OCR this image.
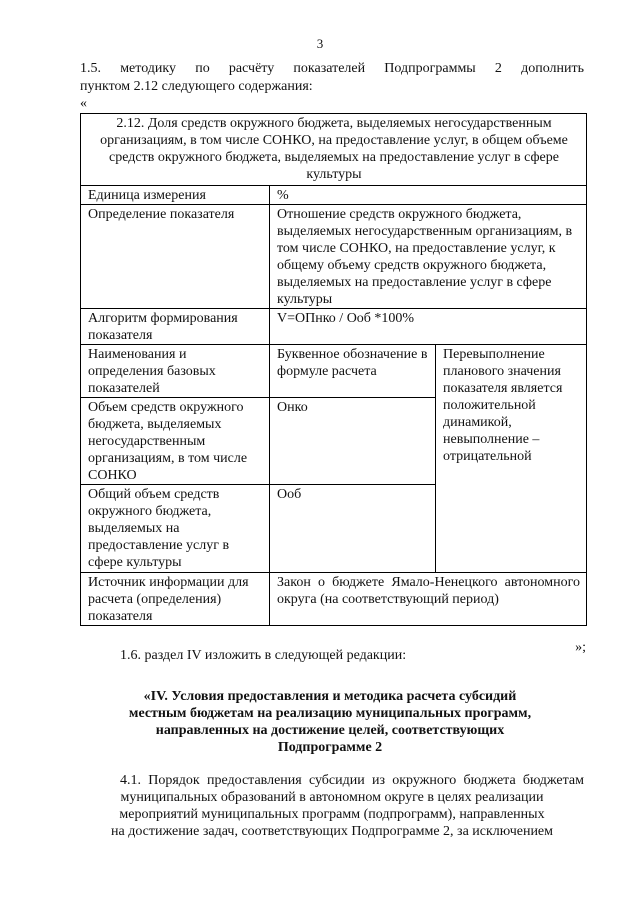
3
1.5. методику по расчёту показателей Подпрограммы 2 дополнить
пунктом 2.12 следующего содержания:
«
2.12. Доля средств окружного бюджета, выделяемых негосударственным организациям, в том числе СОНКО, на предоставление услуг, в общем объеме средств окружного бюджета, выделяемых на предоставление услуг в сфере культуры		
Единица измерения	%	
Определение показателя	Отношение средств окружного бюджета, выделяемых негосударственным организациям, в том числе СОНКО, на предоставление услуг, к общему объему средств окружного бюджета, выделяемых на предоставление услуг в сфере культуры	
Алгоритм формирования показателя	V=ОПнко / Ооб *100%	
Наименования и определения базовых показателей	Буквенное обозначение в формуле расчета	Перевыполнение планового значения показателя является положительной динамикой, невыполнение – отрицательной
Объем средств окружного бюджета, выделяемых негосударственным организациям, в том числе СОНКО	Онко	
Общий объем средств окружного бюджета, выделяемых на предоставление услуг в сфере культуры	Ооб	
Источник информации для расчета (определения) показателя	Закон о бюджете Ямало-Ненецкого автономного округа (на соответствующий период)	
»;
1.6. раздел IV изложить в следующей редакции:
«IV. Условия предоставления и методика расчета субсидий
местным бюджетам на реализацию муниципальных программ,
направленных на достижение целей, соответствующих
Подпрограмме 2
4.1. Порядок предоставления субсидии из окружного бюджета бюджетам
муниципальных образований в автономном округе в целях реализации
мероприятий муниципальных программ (подпрограмм), направленных
на достижение задач, соответствующих Подпрограмме 2, за исключением
